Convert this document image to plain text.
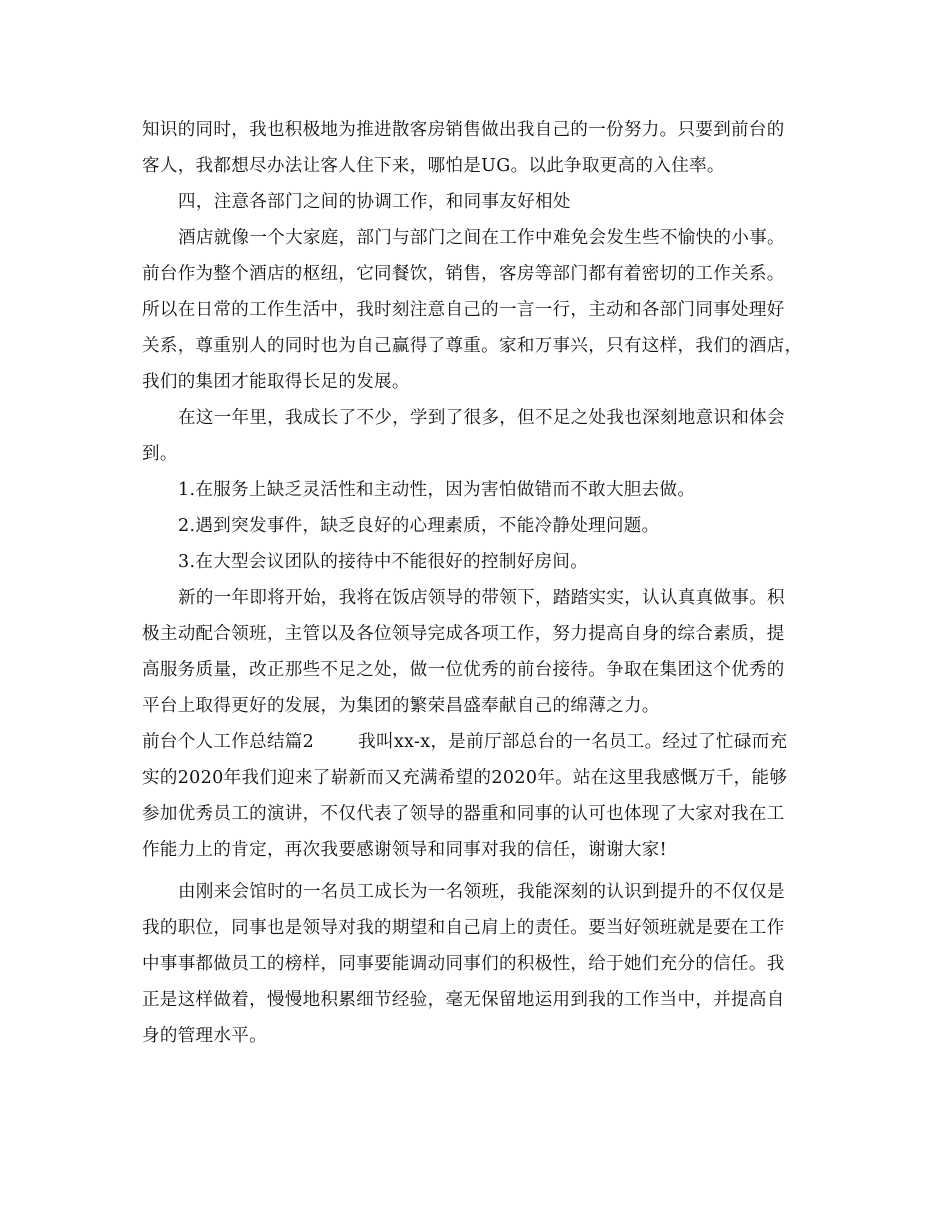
知识的同时，我也积极地为推进散客房销售做出我自己的一份努力。只要到前台的
客人，我都想尽办法让客人住下来，哪怕是UG。以此争取更高的入住率。
四，注意各部门之间的协调工作，和同事友好相处
酒店就像一个大家庭，部门与部门之间在工作中难免会发生些不愉快的小事。
前台作为整个酒店的枢纽，它同餐饮，销售，客房等部门都有着密切的工作关系。
所以在日常的工作生活中，我时刻注意自己的一言一行，主动和各部门同事处理好
关系，尊重别人的同时也为自己赢得了尊重。家和万事兴，只有这样，我们的酒店，
我们的集团才能取得长足的发展。
在这一年里，我成长了不少，学到了很多，但不足之处我也深刻地意识和体会
到。
1.在服务上缺乏灵活性和主动性，因为害怕做错而不敢大胆去做。
2.遇到突发事件，缺乏良好的心理素质，不能冷静处理问题。
3.在大型会议团队的接待中不能很好的控制好房间。
新的一年即将开始，我将在饭店领导的带领下，踏踏实实，认认真真做事。积
极主动配合领班，主管以及各位领导完成各项工作，努力提高自身的综合素质，提
高服务质量，改正那些不足之处，做一位优秀的前台接待。争取在集团这个优秀的
平台上取得更好的发展，为集团的繁荣昌盛奉献自己的绵薄之力。
前台个人工作总结篇2	我叫xx-x，是前厅部总台的一名员工。经过了忙碌而充
实的2020年我们迎来了崭新而又充满希望的2020年。站在这里我感慨万千，能够
参加优秀员工的演讲，不仅代表了领导的器重和同事的认可也体现了大家对我在工
作能力上的肯定，再次我要感谢领导和同事对我的信任，谢谢大家!
由刚来会馆时的一名员工成长为一名领班，我能深刻的认识到提升的不仅仅是
我的职位，同事也是领导对我的期望和自己肩上的责任。要当好领班就是要在工作
中事事都做员工的榜样，同事要能调动同事们的积极性，给于她们充分的信任。我
正是这样做着，慢慢地积累细节经验，毫无保留地运用到我的工作当中，并提高自
身的管理水平。
